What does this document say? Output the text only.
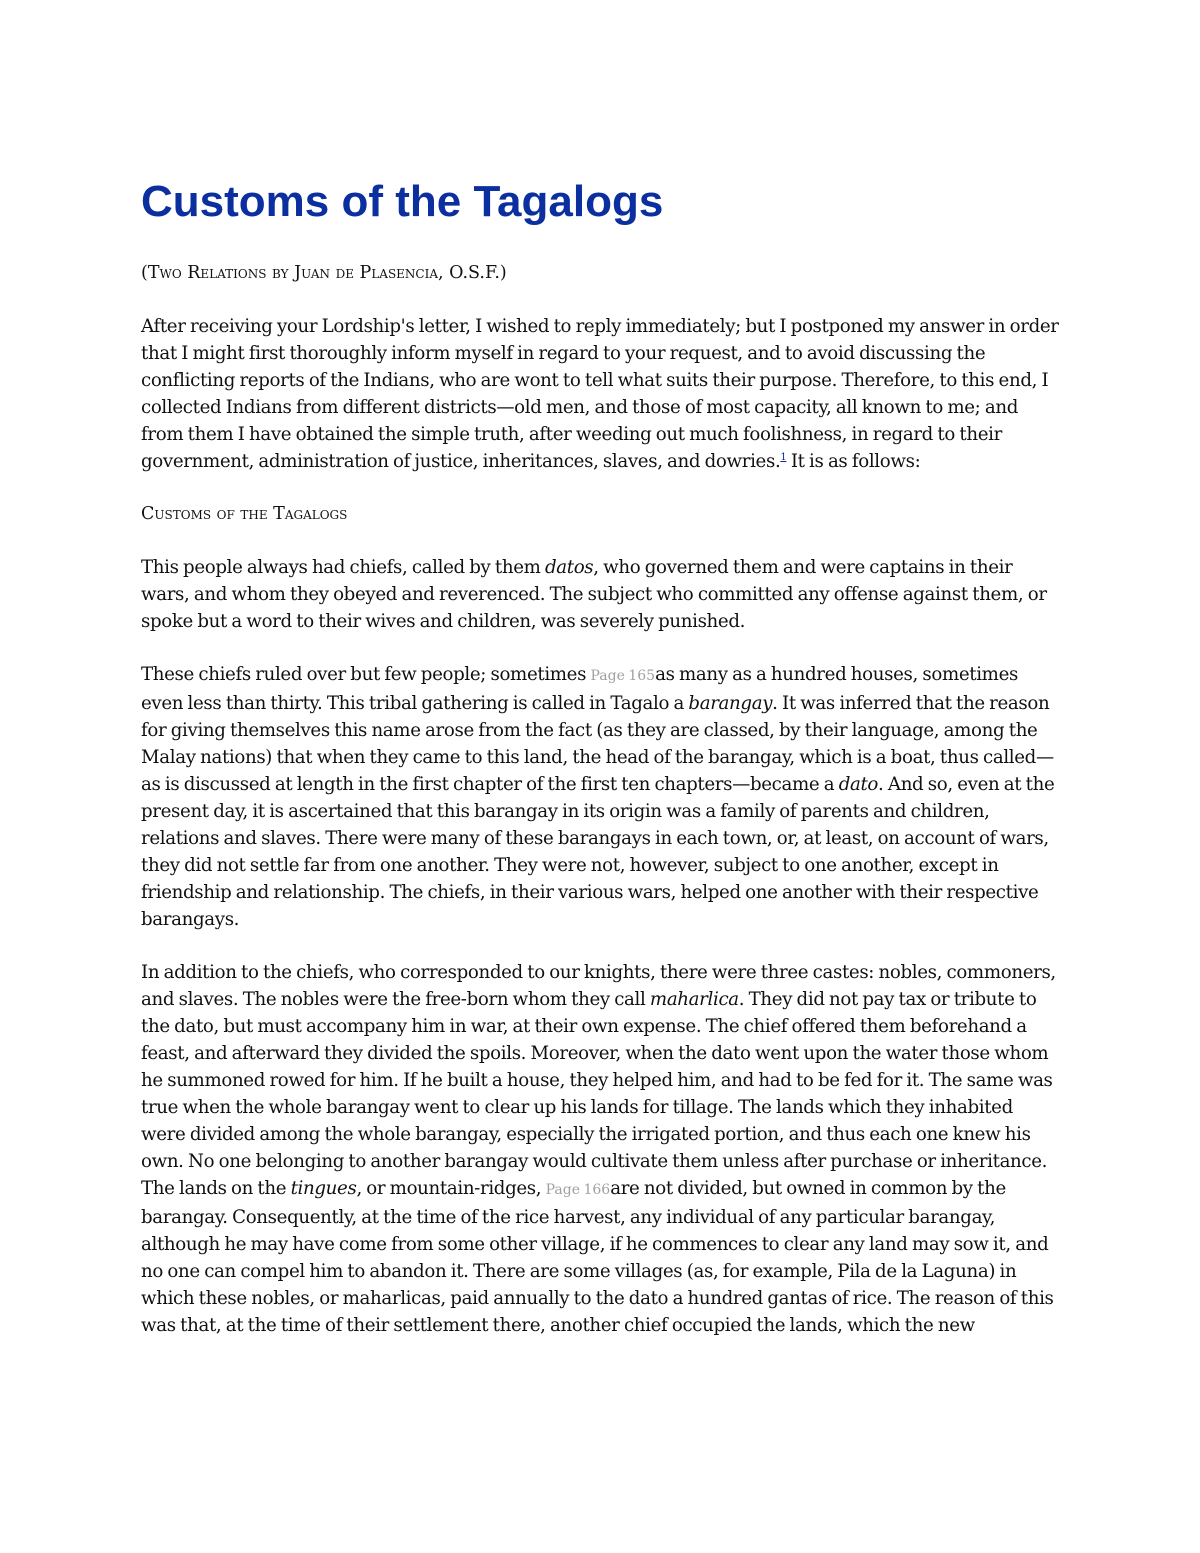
Customs of the Tagalogs
(Two Relations by Juan de Plasencia, O.S.F.)

After receiving your Lordship's letter, I wished to reply immediately; but I postponed my answer in order that I might first thoroughly inform myself in regard to your request, and to avoid discussing the conflicting reports of the Indians, who are wont to tell what suits their purpose. Therefore, to this end, I collected Indians from different districts—old men, and those of most capacity, all known to me; and from them I have obtained the simple truth, after weeding out much foolishness, in regard to their government, administration of justice, inheritances, slaves, and dowries.$^1$ It is as follows:

Customs of the Tagalogs

This people always had chiefs, called by them datos, who governed them and were captains in their wars, and whom they obeyed and reverenced. The subject who committed any offense against them, or spoke but a word to their wives and children, was severely punished.

These chiefs ruled over but few people; sometimes Page 165as many as a hundred houses, sometimes even less than thirty. This tribal gathering is called in Tagalo a barangay. It was inferred that the reason for giving themselves this name arose from the fact (as they are classed, by their language, among the Malay nations) that when they came to this land, the head of the barangay, which is a boat, thus called—as is discussed at length in the first chapter of the first ten chapters—became a dato. And so, even at the present day, it is ascertained that this barangay in its origin was a family of parents and children, relations and slaves. There were many of these barangays in each town, or, at least, on account of wars, they did not settle far from one another. They were not, however, subject to one another, except in friendship and relationship. The chiefs, in their various wars, helped one another with their respective barangays.

In addition to the chiefs, who corresponded to our knights, there were three castes: nobles, commoners, and slaves. The nobles were the free-born whom they call maharlica. They did not pay tax or tribute to the dato, but must accompany him in war, at their own expense. The chief offered them beforehand a feast, and afterward they divided the spoils. Moreover, when the dato went upon the water those whom he summoned rowed for him. If he built a house, they helped him, and had to be fed for it. The same was true when the whole barangay went to clear up his lands for tillage. The lands which they inhabited were divided among the whole barangay, especially the irrigated portion, and thus each one knew his own. No one belonging to another barangay would cultivate them unless after purchase or inheritance. The lands on the tingues, or mountain-ridges, Page 166are not divided, but owned in common by the barangay. Consequently, at the time of the rice harvest, any individual of any particular barangay, although he may have come from some other village, if he commences to clear any land may sow it, and no one can compel him to abandon it. There are some villages (as, for example, Pila de la Laguna) in which these nobles, or maharlicas, paid annually to the dato a hundred gantas of rice. The reason of this was that, at the time of their settlement there, another chief occupied the lands, which the new
